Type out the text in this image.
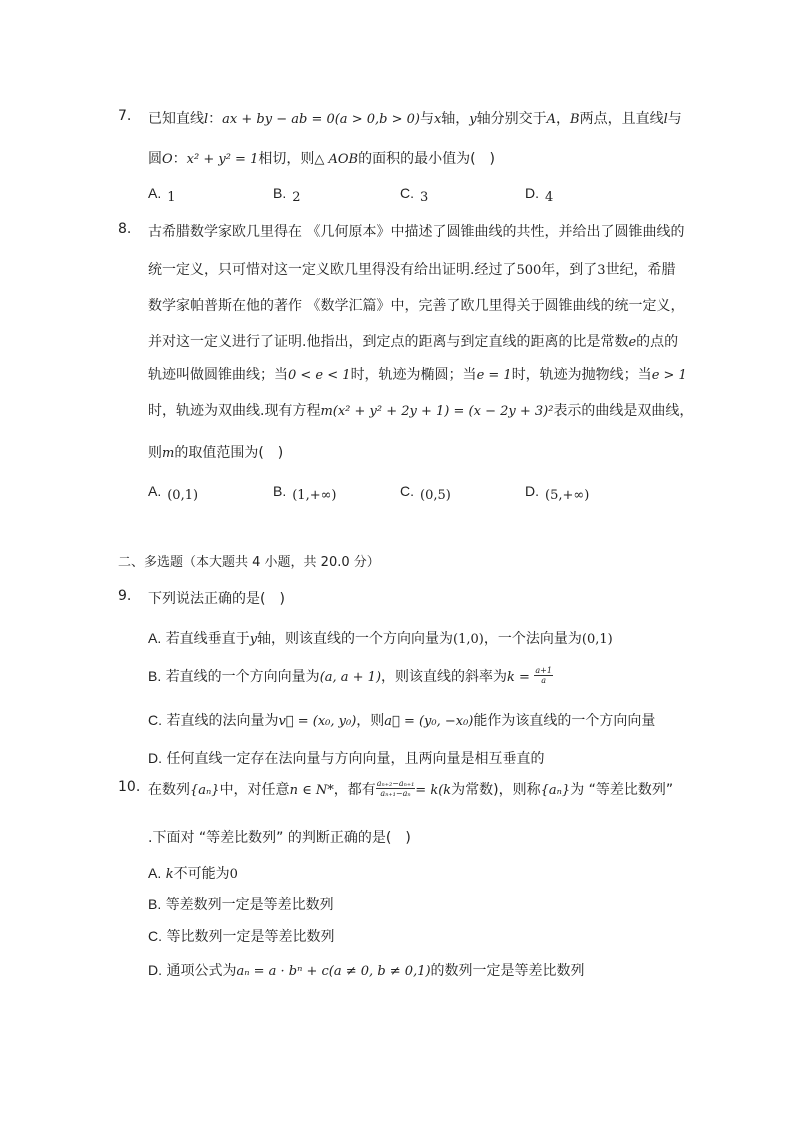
7. 已知直线l：ax + by − ab = 0(a > 0,b > 0)与x轴，y轴分别交于A，B两点，且直线l与
圆O：x² + y² = 1相切，则△ AOB的面积的最小值为(　)
A. 1	B. 2	C. 3	D. 4
8. 古希腊数学家欧几里得在 《几何原本》中描述了圆锥曲线的共性，并给出了圆锥曲线的
统一定义，只可惜对这一定义欧几里得没有给出证明.经过了500年，到了3世纪，希腊
数学家帕普斯在他的著作 《数学汇篇》中，完善了欧几里得关于圆锥曲线的统一定义，
并对这一定义进行了证明.他指出，到定点的距离与到定直线的距离的比是常数e的点的
轨迹叫做圆锥曲线；当0 < e < 1时，轨迹为椭圆；当e = 1时，轨迹为抛物线；当e > 1
时，轨迹为双曲线.现有方程m(x² + y² + 2y + 1) = (x − 2y + 3)²表示的曲线是双曲线，
则m的取值范围为(　)
A. (0,1)	B. (1,+∞)	C. (0,5)	D. (5,+∞)
二、多选题（本大题共 4 小题，共 20.0 分）
9. 下列说法正确的是(　)
A. 若直线垂直于y轴，则该直线的一个方向向量为(1,0)，一个法向量为(0,1)
B. 若直线的一个方向向量为(a, a + 1)，则该直线的斜率为$k = \frac{a+1}{a}$
C. 若直线的法向量为v⃗ = (x₀, y₀)，则a⃗ = (y₀, −x₀)能作为该直线的一个方向向量
D. 任何直线一定存在法向量与方向向量，且两向量是相互垂直的
10. 在数列{aₙ}中，对任意n ∈ N*，都有 $\frac{\text{aₙ₊₂−aₙ₊₁}}{\text{aₙ₊₁−aₙ}} = k(k$为常数)，则称{aₙ}为 “等差比数列”
.下面对 “等差比数列” 的判断正确的是(　)
A. k不可能为0
B. 等差数列一定是等差比数列
C. 等比数列一定是等差比数列
D. 通项公式为aₙ = a · bⁿ + c(a ≠ 0, b ≠ 0,1)的数列一定是等差比数列
